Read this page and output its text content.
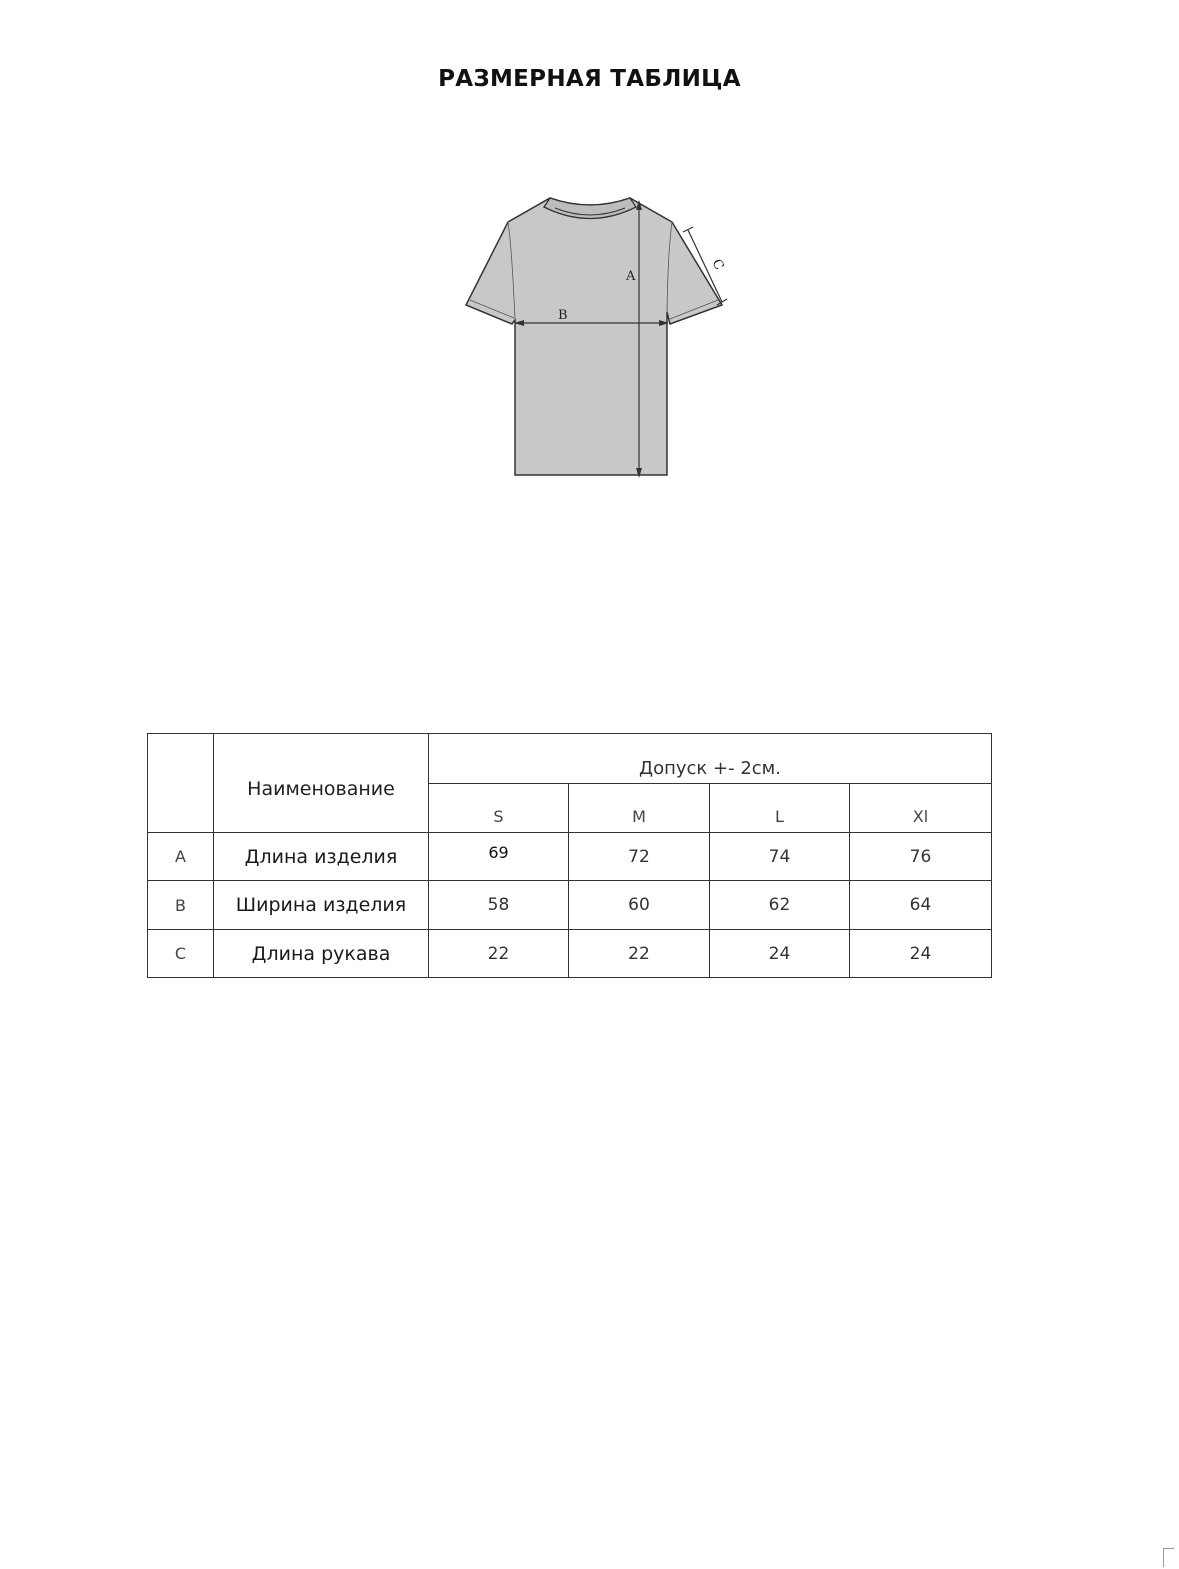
РАЗМЕРНАЯ ТАБЛИЦА
A
B
C
	Наименование	Допуск +- 2см.			
		S	M	L	Xl
A	Длина изделия	69	72	74	76
B	Ширина изделия	58	60	62	64
C	Длина рукава	22	22	24	24
